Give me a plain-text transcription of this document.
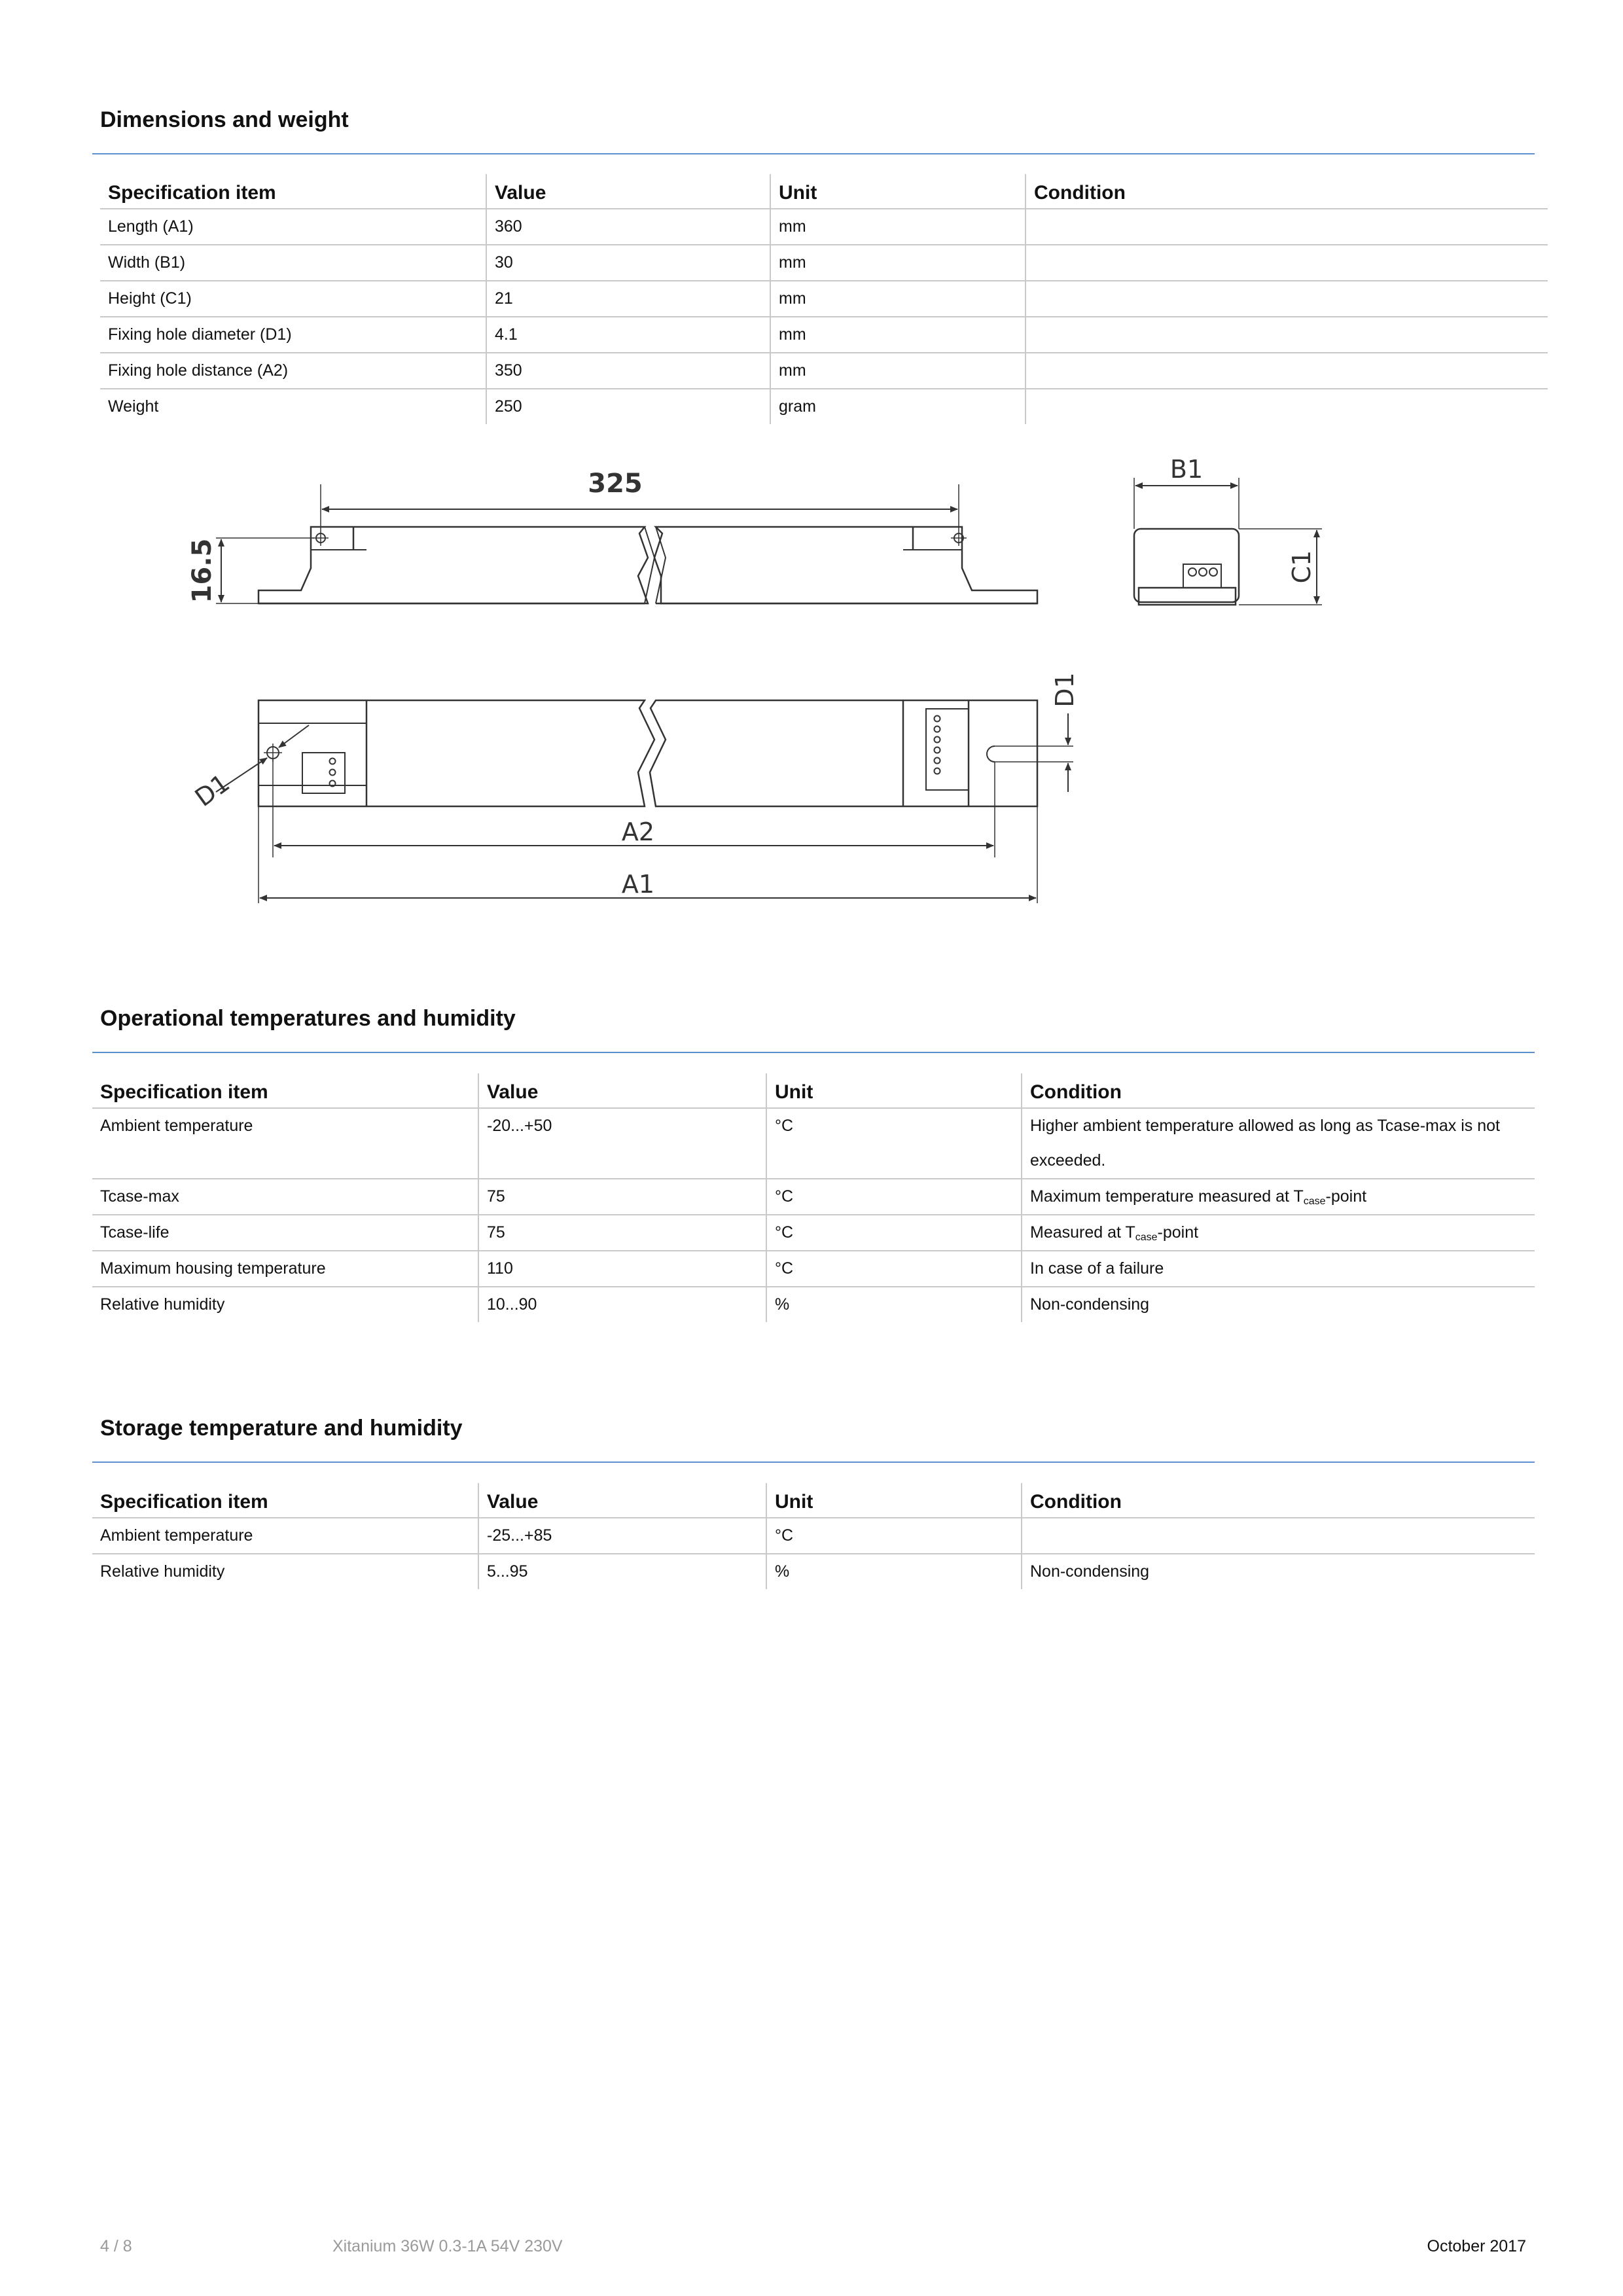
Dimensions and weight
Specification item	Value	Unit	Condition
Length (A1)	360	mm	
Width (B1)	30	mm	
Height (C1)	21	mm	
Fixing hole diameter (D1)	4.1	mm	
Fixing hole distance (A2)	350	mm	
Weight	250	gram	
325
16.5
B1
C1
D1
D1
A2
A1
Operational temperatures and humidity
Specification item	Value	Unit	Condition
Ambient temperature	-20...+50	°C	Higher ambient temperature allowed as long as Tcase-max is not exceeded.
Tcase-max	75	°C	Maximum temperature measured at $T_{case}$-point
Tcase-life	75	°C	Measured at $T_{case}$-point
Maximum housing temperature	110	°C	In case of a failure
Relative humidity	10...90	%	Non-condensing
Storage temperature and humidity
Specification item	Value	Unit	Condition
Ambient temperature	-25...+85	°C	
Relative humidity	5...95	%	Non-condensing
4 / 8	Xitanium 36W 0.3-1A 54V 230V	October 2017
